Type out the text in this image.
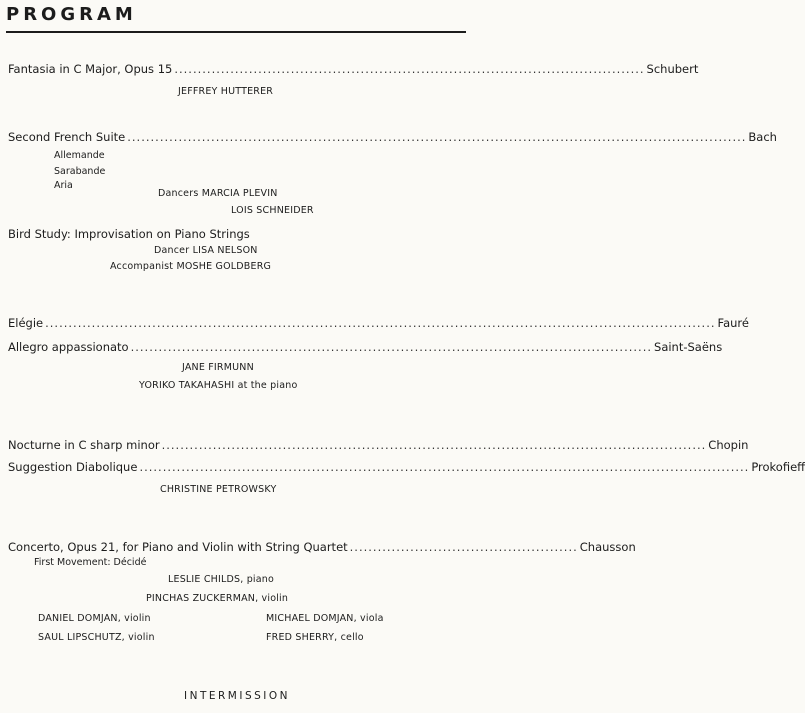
PROGRAM
Fantasia in C Major, Opus 15 ..................................................................................................... Schubert
JEFFREY HUTTERER
Second French Suite ..................................................................................................................................... Bach
Allemande
Sarabande
Aria
Dancers MARCIA PLEVIN
LOIS SCHNEIDER
Bird Study: Improvisation on Piano Strings
Dancer LISA NELSON
Accompanist MOSHE GOLDBERG
Elégie ................................................................................................................................................ Fauré
Allegro appassionato ................................................................................................................ Saint-Saëns
JANE FIRMUNN
YORIKO TAKAHASHI at the piano
Nocturne in C sharp minor ..................................................................................................................... Chopin
Suggestion Diabolique ................................................................................................................................... Prokofieff
CHRISTINE PETROWSKY
Concerto, Opus 21, for Piano and Violin with String Quartet ................................................. Chausson
First Movement: Décidé
LESLIE CHILDS, piano
PINCHAS ZUCKERMAN, violin
DANIEL DOMJAN, violin	MICHAEL DOMJAN, viola
SAUL LIPSCHUTZ, violin	FRED SHERRY, cello
INTERMISSION
